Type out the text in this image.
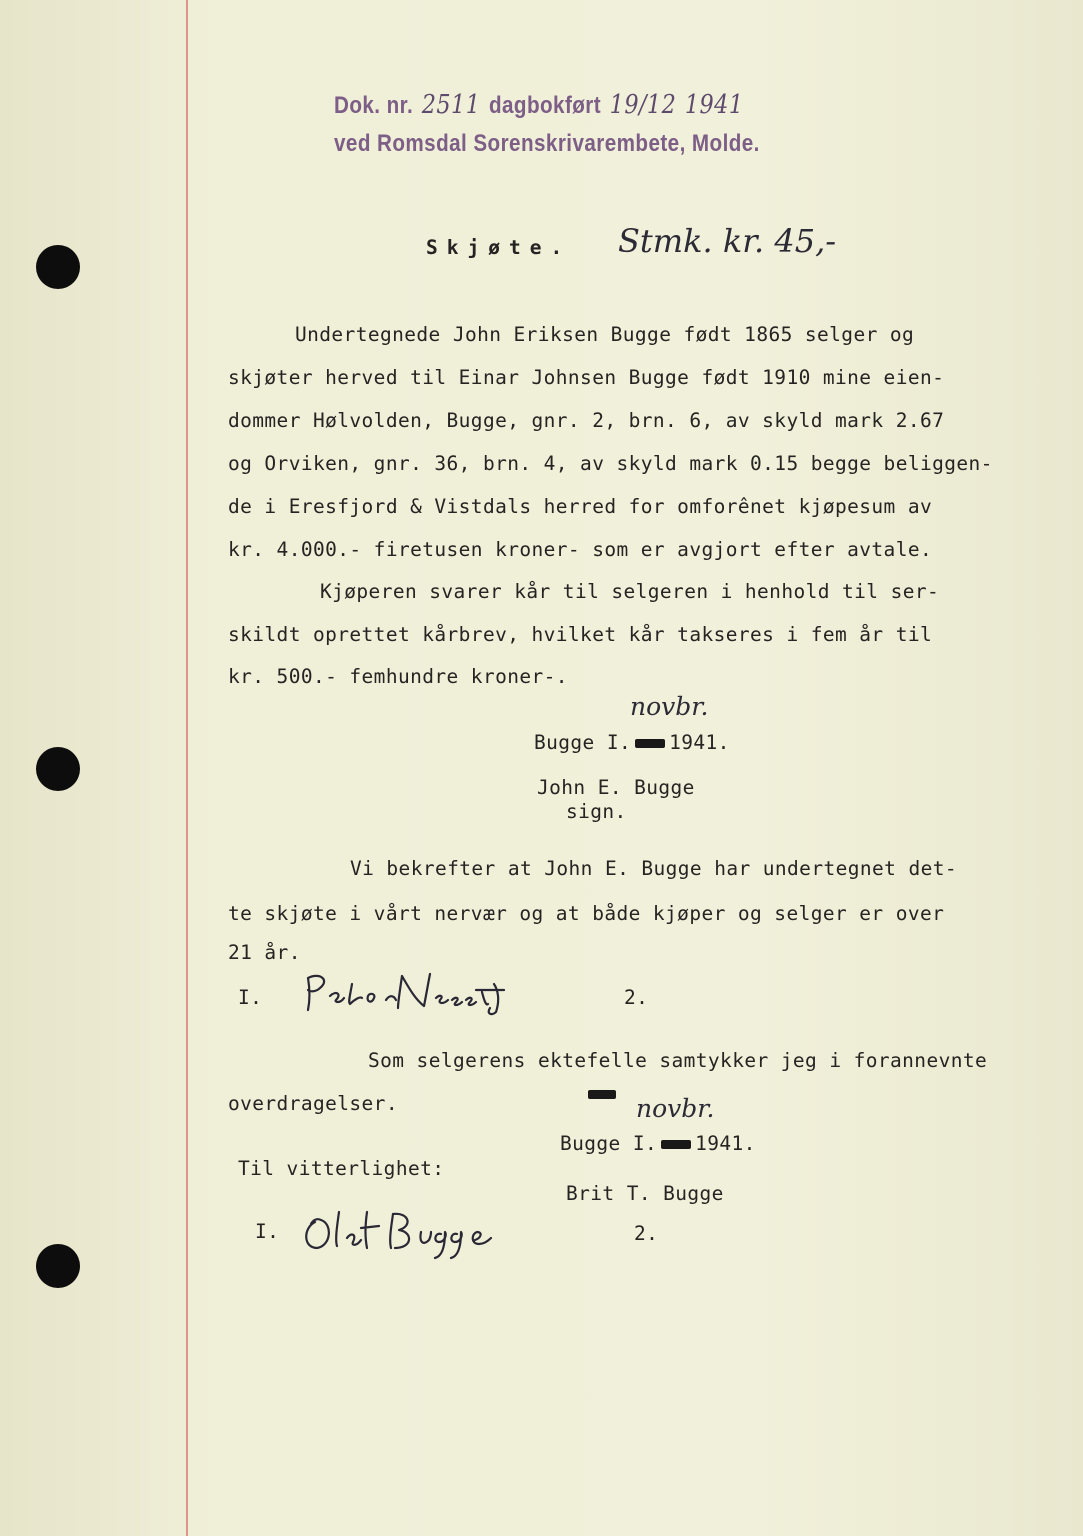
Dok. nr. 2511 dagbokført 19/12 1941
ved Romsdal Sorenskrivarembete, Molde.
Skjøte. Stmk. kr. 45,-
Undertegnede John Eriksen Bugge født 1865 selger og
skjøter herved til Einar Johnsen Bugge født 1910 mine eien-
dommer Hølvolden, Bugge, gnr. 2, brn. 6, av skyld mark 2.67
og Orviken, gnr. 36, brn. 4, av skyld mark 0.15 begge beliggen-
de i Eresfjord & Vistdals herred for omforênet kjøpesum av
kr. 4.000.- firetusen kroner- som er avgjort efter avtale.
Kjøperen svarer kår til selgeren i henhold til ser-
skildt oprettet kårbrev, hvilket kår takseres i fem år til
kr. 500.- femhundre kroner-.
novbr.
Bugge I. 1941.
John E. Bugge
sign.
Vi bekrefter at John E. Bugge har undertegnet det-
te skjøte i vårt nervær og at både kjøper og selger er over
21 år.
I.	2.
Som selgerens ektefelle samtykker jeg i forannevnte
overdragelser.	novbr.
Bugge I. 1941.
Til vitterlighet:
Brit T. Bugge
I.	2.
